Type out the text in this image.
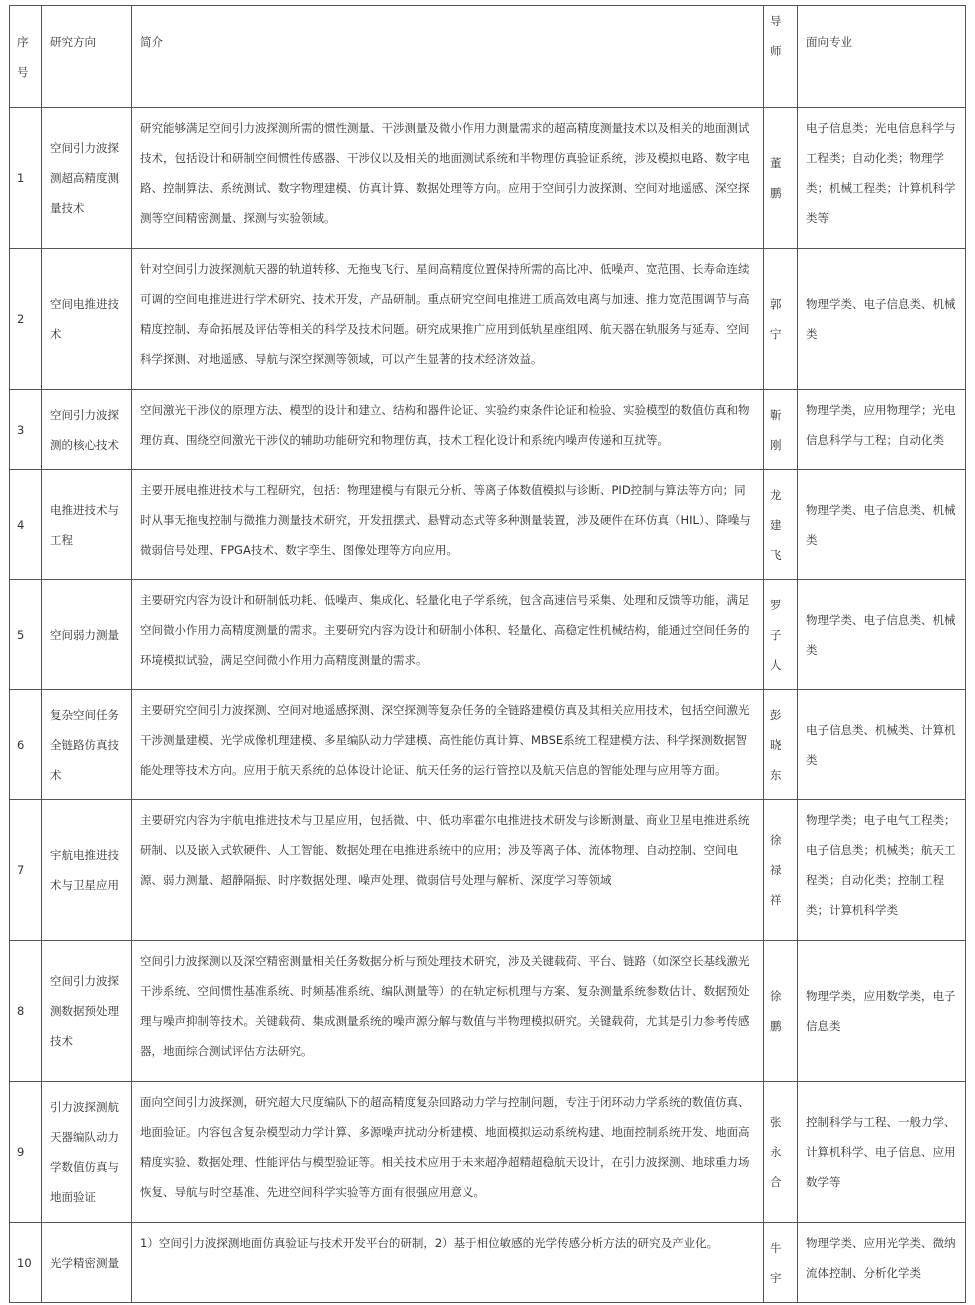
序号	研究方向	简介	导师	面向专业
1	空间引力波探测超高精度测量技术	研究能够满足空间引力波探测所需的惯性测量、干涉测量及微小作用力测量需求的超高精度测量技术以及相关的地面测试技术，包括设计和研制空间惯性传感器、干涉仪以及相关的地面测试系统和半物理仿真验证系统，涉及模拟电路、数字电路、控制算法、系统测试、数字物理建模、仿真计算、数据处理等方向。应用于空间引力波探测、空间对地遥感、深空探测等空间精密测量、探测与实验领域。	董鹏	电子信息类；光电信息科学与工程类；自动化类；物理学类；机械工程类；计算机科学类等
2	空间电推进技术	针对空间引力波探测航天器的轨道转移、无拖曳飞行、星间高精度位置保持所需的高比冲、低噪声、宽范围、长寿命连续可调的空间电推进进行学术研究、技术开发，产品研制。重点研究空间电推进工质高效电离与加速、推力宽范围调节与高精度控制、寿命拓展及评估等相关的科学及技术问题。研究成果推广应用到低轨星座组网、航天器在轨服务与延寿、空间科学探测、对地遥感、导航与深空探测等领域，可以产生显著的技术经济效益。	郭宁	物理学类、电子信息类、机械类
3	空间引力波探测的核心技术	空间激光干涉仪的原理方法、模型的设计和建立、结构和器件论证、实验约束条件论证和检验、实验模型的数值仿真和物理仿真、围绕空间激光干涉仪的辅助功能研究和物理仿真，技术工程化设计和系统内噪声传递和互扰等。	靳刚	物理学类，应用物理学；光电信息科学与工程；自动化类
4	电推进技术与工程	主要开展电推进技术与工程研究，包括：物理建模与有限元分析、等离子体数值模拟与诊断、PID控制与算法等方向；同时从事无拖曳控制与微推力测量技术研究，开发扭摆式、悬臂动态式等多种测量装置，涉及硬件在环仿真（HIL）、降噪与微弱信号处理、FPGA技术、数字孪生、图像处理等方向应用。	龙建飞	物理学类、电子信息类、机械类
5	空间弱力测量	主要研究内容为设计和研制低功耗、低噪声、集成化、轻量化电子学系统，包含高速信号采集、处理和反馈等功能，满足空间微小作用力高精度测量的需求。主要研究内容为设计和研制小体积、轻量化、高稳定性机械结构，能通过空间任务的环境模拟试验，满足空间微小作用力高精度测量的需求。	罗子人	物理学类、电子信息类、机械类
6	复杂空间任务全链路仿真技术	主要研究空间引力波探测、空间对地遥感探测、深空探测等复杂任务的全链路建模仿真及其相关应用技术，包括空间激光干涉测量建模、光学成像机理建模、多星编队动力学建模、高性能仿真计算、MBSE系统工程建模方法、科学探测数据智能处理等技术方向。应用于航天系统的总体设计论证、航天任务的运行管控以及航天信息的智能处理与应用等方面。	彭晓东	电子信息类、机械类、计算机类
7	宇航电推进技术与卫星应用	主要研究内容为宇航电推进技术与卫星应用，包括微、中、低功率霍尔电推进技术研发与诊断测量、商业卫星电推进系统研制、以及嵌入式软硬件、人工智能、数据处理在电推进系统中的应用；涉及等离子体、流体物理、自动控制、空间电源、弱力测量、超静隔振、时序数据处理、噪声处理、微弱信号处理与解析、深度学习等领域	徐禄祥	物理学类；电子电气工程类；电子信息类；机械类；航天工程类；自动化类；控制工程类；计算机科学类
8	空间引力波探测数据预处理技术	空间引力波探测以及深空精密测量相关任务数据分析与预处理技术研究，涉及关键载荷、平台、链路（如深空长基线激光干涉系统、空间惯性基准系统、时频基准系统、编队测量等）的在轨定标机理与方案、复杂测量系统参数估计、数据预处理与噪声抑制等技术。关键载荷、集成测量系统的噪声源分解与数值与半物理模拟研究。关键载荷，尤其是引力参考传感器，地面综合测试评估方法研究。	徐鹏	物理学类，应用数学类，电子信息类
9	引力波探测航天器编队动力学数值仿真与地面验证	面向空间引力波探测，研究超大尺度编队下的超高精度复杂回路动力学与控制问题，专注于闭环动力学系统的数值仿真、地面验证。内容包含复杂模型动力学计算、多源噪声扰动分析建模、地面模拟运动系统构建、地面控制系统开发、地面高精度实验、数据处理、性能评估与模型验证等。相关技术应用于未来超净超精超稳航天设计，在引力波探测、地球重力场恢复、导航与时空基准、先进空间科学实验等方面有很强应用意义。	张永合	控制科学与工程、一般力学、计算机科学、电子信息、应用数学等
10	光学精密测量	1）空间引力波探测地面仿真验证与技术开发平台的研制，2）基于相位敏感的光学传感分析方法的研究及产业化。	牛宇	物理学类、应用光学类、微纳流体控制、分析化学类
